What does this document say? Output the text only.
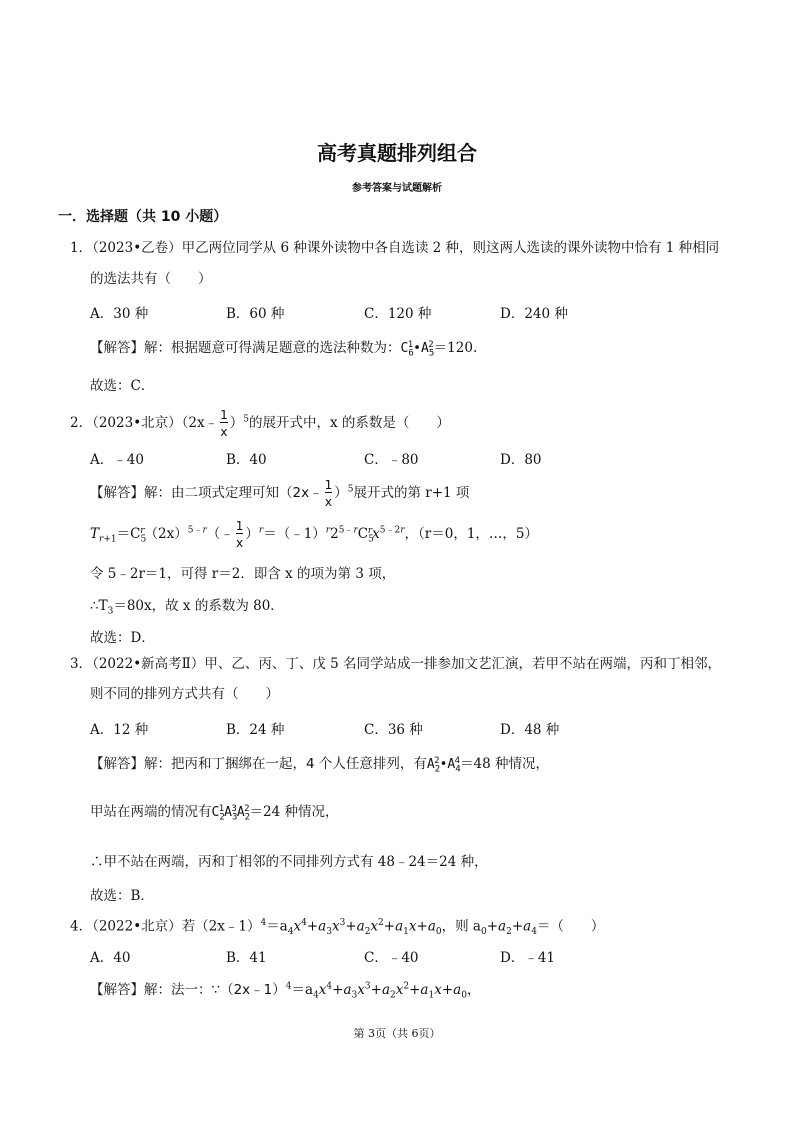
高考真题排列组合
参考答案与试题解析
一．选择题（共 10 小题）
1．（2023•乙卷）甲乙两位同学从 6 种课外读物中各自选读 2 种，则这两人选读的课外读物中恰有 1 种相同
的选法共有（　　）
A．30 种	B．60 种	C．120 种	D．240 种
【解答】解：根据题意可得满足题意的选法种数为：$C_6^1•A_5^2=120$.
故选：C．
2．（2023•北京）（2x﹣ $\frac{1}{x} )^5$的展开式中，x 的系数是（　　）
A．﹣40	B．40	C．﹣80	D．80
【解答】解：由二项式定理可知（2x﹣ $\frac{1}{x} )^5$展开式的第 r+1 项
$T_{r+1}=C_5^r(2x)^{5﹣r}(﹣ \frac{1}{x}$ ）$^r=(﹣1)^r2^{5﹣r}C_5^rx^{5﹣2r}$，（r＝0，1，…，5）
令 5﹣2r＝1，可得 r＝2．即含 x 的项为第 3 项，
$\therefore T_3=80x$，故 x 的系数为 80．
故选：D．
3．（2022•新高考Ⅱ）甲、乙、丙、丁、戊 5 名同学站成一排参加文艺汇演，若甲不站在两端，丙和丁相邻，
则不同的排列方式共有（　　）
A．12 种	B．24 种	C．36 种	D．48 种
【解答】解：把丙和丁捆绑在一起，4 个人任意排列，有$A_2^2•A_4^4=48$ 种情况，
甲站在两端的情况有$C_2^1A_3^3A_2^2=24$ 种情况，
∴甲不站在两端，丙和丁相邻的不同排列方式有 48﹣24＝24 种，
故选：B．
4．（2022•北京）若$(2x﹣1)^4=a_4x^4+a_3x^3+a_2x^2+a_1x+a_0$，则 $a_0+a_2+a_4=$（　　）
A．40	B．41	C．﹣40	D．﹣41
【解答】解：法一：$\because(2x﹣1)^4=a_4x^4+a_3x^3+a_2x^2+a_1x+a_0$，
第 3页（共 6页）
